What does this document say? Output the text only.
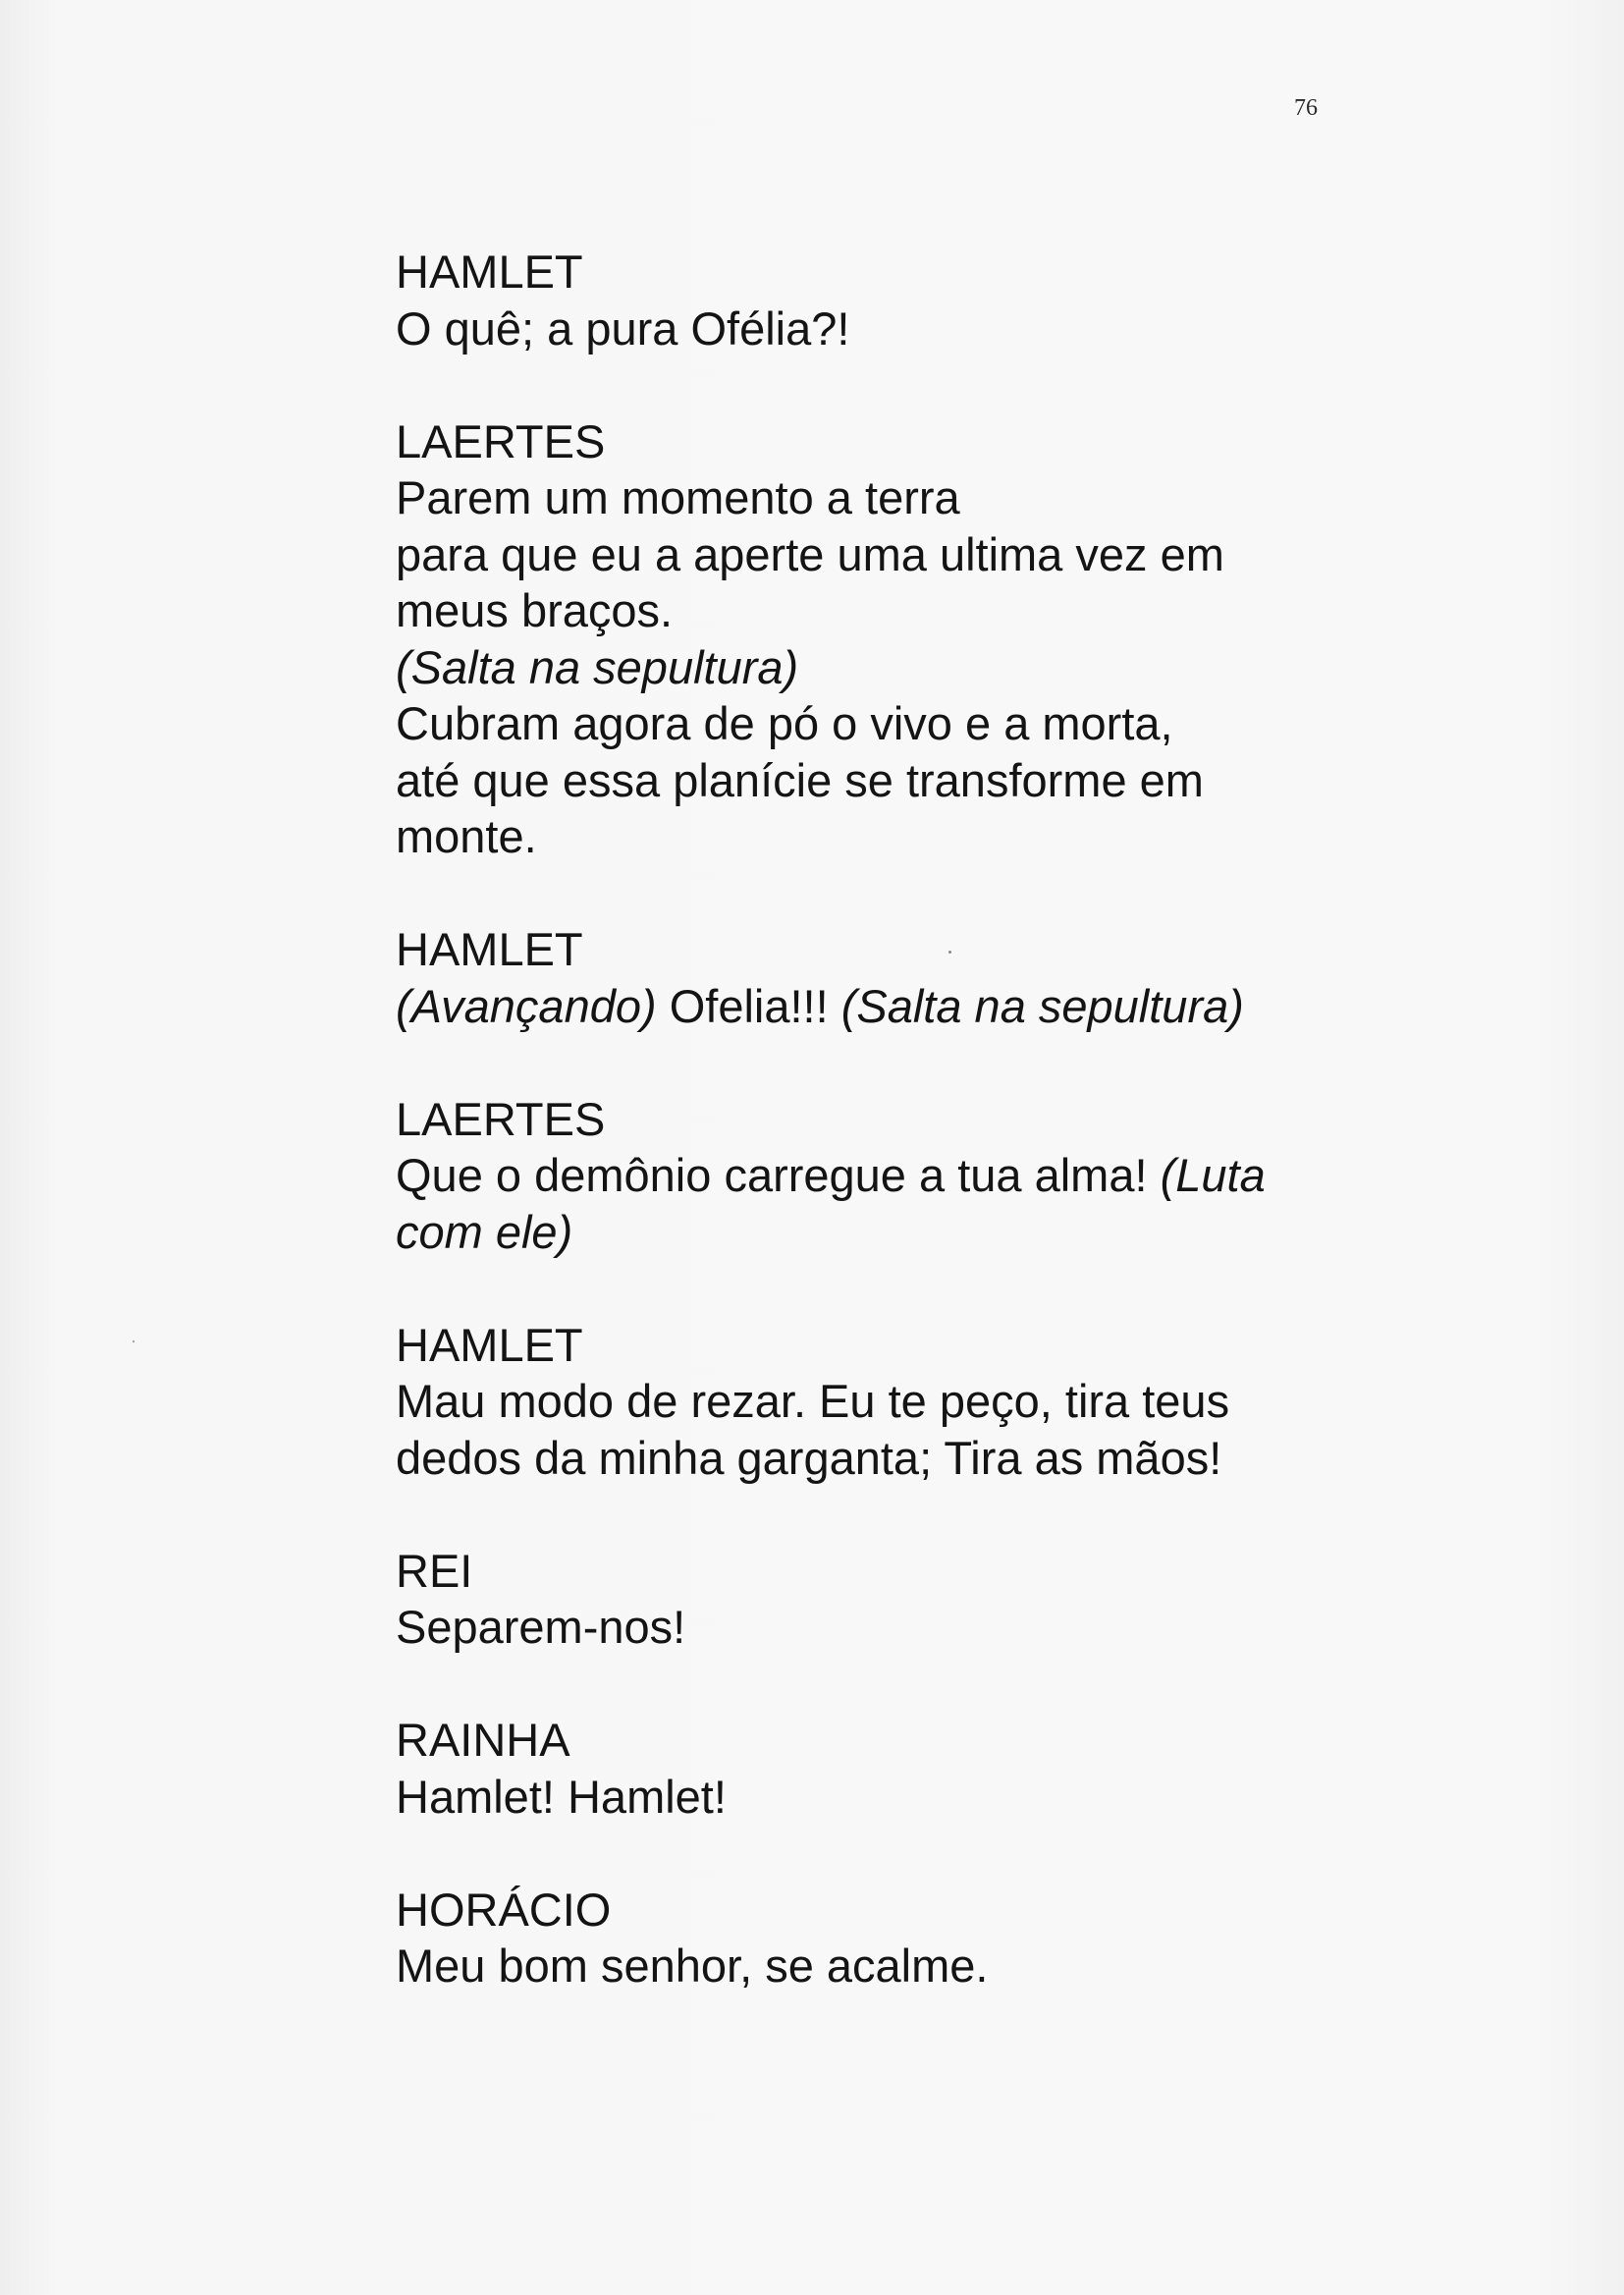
76
HAMLET
O quê; a pura Ofélia?!
LAERTES
Parem um momento a terra
para que eu a aperte uma ultima vez em
meus braços.
(Salta na sepultura)
Cubram agora de pó o vivo e a morta,
até que essa planície se transforme em
monte.
HAMLET
(Avançando) Ofelia!!! (Salta na sepultura)
LAERTES
Que o demônio carregue a tua alma! (Luta
com ele)
HAMLET
Mau modo de rezar. Eu te peço, tira teus
dedos da minha garganta; Tira as mãos!
REI
Separem-nos!
RAINHA
Hamlet! Hamlet!
HORÁCIO
Meu bom senhor, se acalme.
